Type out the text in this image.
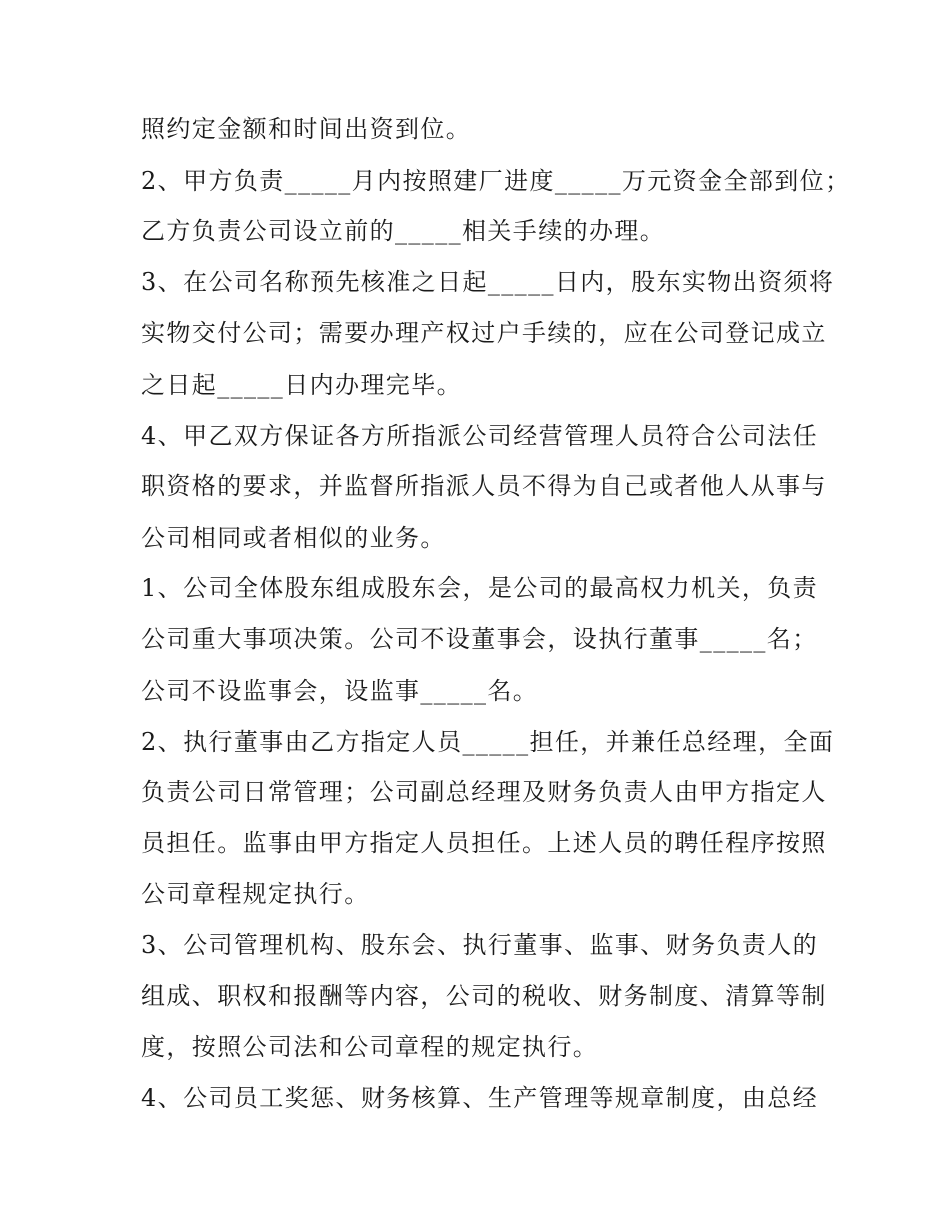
照约定金额和时间出资到位。
2、甲方负责_____月内按照建厂进度_____万元资金全部到位；
乙方负责公司设立前的_____相关手续的办理。
3、在公司名称预先核准之日起_____日内，股东实物出资须将
实物交付公司；需要办理产权过户手续的，应在公司登记成立
之日起_____日内办理完毕。
4、甲乙双方保证各方所指派公司经营管理人员符合公司法任
职资格的要求，并监督所指派人员不得为自己或者他人从事与
公司相同或者相似的业务。
1、公司全体股东组成股东会，是公司的最高权力机关，负责
公司重大事项决策。公司不设董事会，设执行董事_____名；
公司不设监事会，设监事_____名。
2、执行董事由乙方指定人员_____担任，并兼任总经理，全面
负责公司日常管理；公司副总经理及财务负责人由甲方指定人
员担任。监事由甲方指定人员担任。上述人员的聘任程序按照
公司章程规定执行。
3、公司管理机构、股东会、执行董事、监事、财务负责人的
组成、职权和报酬等内容，公司的税收、财务制度、清算等制
度，按照公司法和公司章程的规定执行。
4、公司员工奖惩、财务核算、生产管理等规章制度，由总经
